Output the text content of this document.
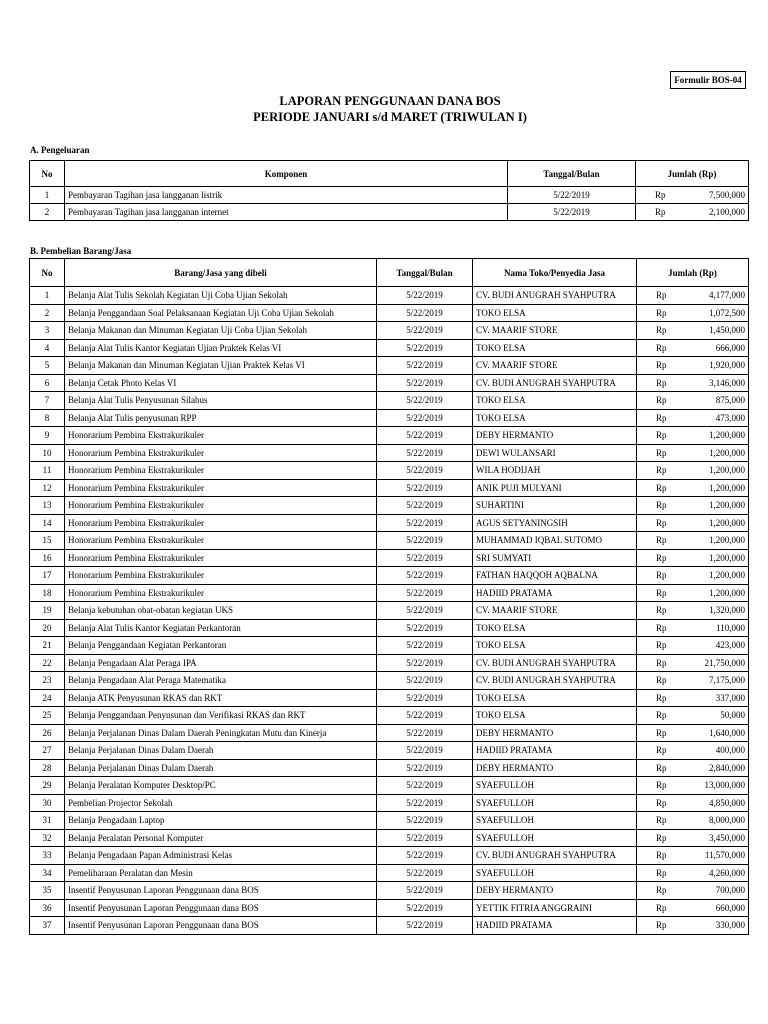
Formulir BOS-04
LAPORAN PENGGUNAAN DANA BOS
PERIODE JANUARI s/d MARET (TRIWULAN I)
A. Pengeluaran
No	Komponen	Tanggal/Bulan	Jumlah (Rp)
1	Pembayaran Tagihan jasa langganan listrik	5/22/2019	Rp 7,500,000

2	Pembayaran Tagihan jasa langganan internet	5/22/2019	Rp 2,100,000
B. Pembelian Barang/Jasa
No	Barang/Jasa yang dibeli	Tanggal/Bulan	Nama Toko/Penyedia Jasa	Jumlah (Rp)
1	Belanja Alat Tulis Sekolah Kegiatan Uji Coba Ujian Sekolah	5/22/2019	CV. BUDI ANUGRAH SYAHPUTRA	Rp 4,177,000

2	Belanja Penggandaan Soal Pelaksanaan Kegiatan Uji Coba Ujian Sekolah	5/22/2019	TOKO ELSA	Rp 1,072,500

3	Belanja Makanan dan Minuman Kegiatan Uji Coba Ujian Sekolah	5/22/2019	CV. MAARIF STORE	Rp 1,450,000

4	Belanja Alat Tulis Kantor Kegiatan Ujian Praktek Kelas VI	5/22/2019	TOKO ELSA	Rp 666,000

5	Belanja Makanan dan Minuman Kegiatan Ujian Praktek Kelas VI	5/22/2019	CV. MAARIF STORE	Rp 1,920,000

6	Belanja Cetak Photo Kelas VI	5/22/2019	CV. BUDI ANUGRAH SYAHPUTRA	Rp 3,146,000

7	Belanja Alat Tulis Penyusunan Silabus	5/22/2019	TOKO ELSA	Rp 875,000

8	Belanja Alat Tulis penyusunan RPP	5/22/2019	TOKO ELSA	Rp 473,000

9	Honorarium Pembina Ekstrakurikuler	5/22/2019	DEBY HERMANTO	Rp 1,200,000

10	Honorarium Pembina Ekstrakurikuler	5/22/2019	DEWI WULANSARI	Rp 1,200,000

11	Honorarium Pembina Ekstrakurikuler	5/22/2019	WILA HODIJAH	Rp 1,200,000

12	Honorarium Pembina Ekstrakurikuler	5/22/2019	ANIK PUJI MULYANI	Rp 1,200,000

13	Honorarium Pembina Ekstrakurikuler	5/22/2019	SUHARTINI	Rp 1,200,000

14	Honorarium Pembina Ekstrakurikuler	5/22/2019	AGUS SETYANINGSIH	Rp 1,200,000

15	Honorarium Pembina Ekstrakurikuler	5/22/2019	MUHAMMAD IQBAL SUTOMO	Rp 1,200,000

16	Honorarium Pembina Ekstrakurikuler	5/22/2019	SRI SUMYATI	Rp 1,200,000

17	Honorarium Pembina Ekstrakurikuler	5/22/2019	FATHAN HAQQOH AQBALNA	Rp 1,200,000

18	Honorarium Pembina Ekstrakurikuler	5/22/2019	HADIID PRATAMA	Rp 1,200,000

19	Belanja kebutuhan obat-obatan kegiatan UKS	5/22/2019	CV. MAARIF STORE	Rp 1,320,000

20	Belanja Alat Tulis Kantor Kegiatan Perkantoran	5/22/2019	TOKO ELSA	Rp 110,000

21	Belanja Penggandaan Kegiatan Perkantoran	5/22/2019	TOKO ELSA	Rp 423,000

22	Belanja Pengadaan Alat Peraga IPA	5/22/2019	CV. BUDI ANUGRAH SYAHPUTRA	Rp 21,750,000

23	Belanja Pengadaan Alat Peraga Matematika	5/22/2019	CV. BUDI ANUGRAH SYAHPUTRA	Rp 7,175,000

24	Belanja ATK Penyusunan RKAS dan RKT	5/22/2019	TOKO ELSA	Rp 337,000

25	Belanja Penggandaan Penyusunan dan Verifikasi RKAS dan RKT	5/22/2019	TOKO ELSA	Rp 50,000

26	Belanja Perjalanan Dinas Dalam Daerah Peningkatan Mutu dan Kinerja	5/22/2019	DEBY HERMANTO	Rp 1,640,000

27	Belanja Perjalanan Dinas Dalam Daerah	5/22/2019	HADIID PRATAMA	Rp 400,000

28	Belanja Perjalanan Dinas Dalam Daerah	5/22/2019	DEBY HERMANTO	Rp 2,840,000

29	Belanja Peralatan Komputer Desktop/PC	5/22/2019	SYAEFULLOH	Rp 13,000,000

30	Pembelian Projector Sekolah	5/22/2019	SYAEFULLOH	Rp 4,850,000

31	Belanja Pengadaan Laptop	5/22/2019	SYAEFULLOH	Rp 8,000,000

32	Belanja Peralatan Personal Komputer	5/22/2019	SYAEFULLOH	Rp 3,450,000

33	Belanja Pengadaan Papan Administrasi Kelas	5/22/2019	CV. BUDI ANUGRAH SYAHPUTRA	Rp 11,570,000

34	Pemeliharaan Peralatan dan Mesin	5/22/2019	SYAEFULLOH	Rp 4,260,000

35	Insentif Penyusunan Laporan Penggunaan dana BOS	5/22/2019	DEBY HERMANTO	Rp 700,000

36	Insentif Penyusunan Laporan Penggunaan dana BOS	5/22/2019	YETTIK FITRIA ANGGRAINI	Rp 660,000

37	Insentif Penyusunan Laporan Penggunaan dana BOS	5/22/2019	HADIID PRATAMA	Rp 330,000
